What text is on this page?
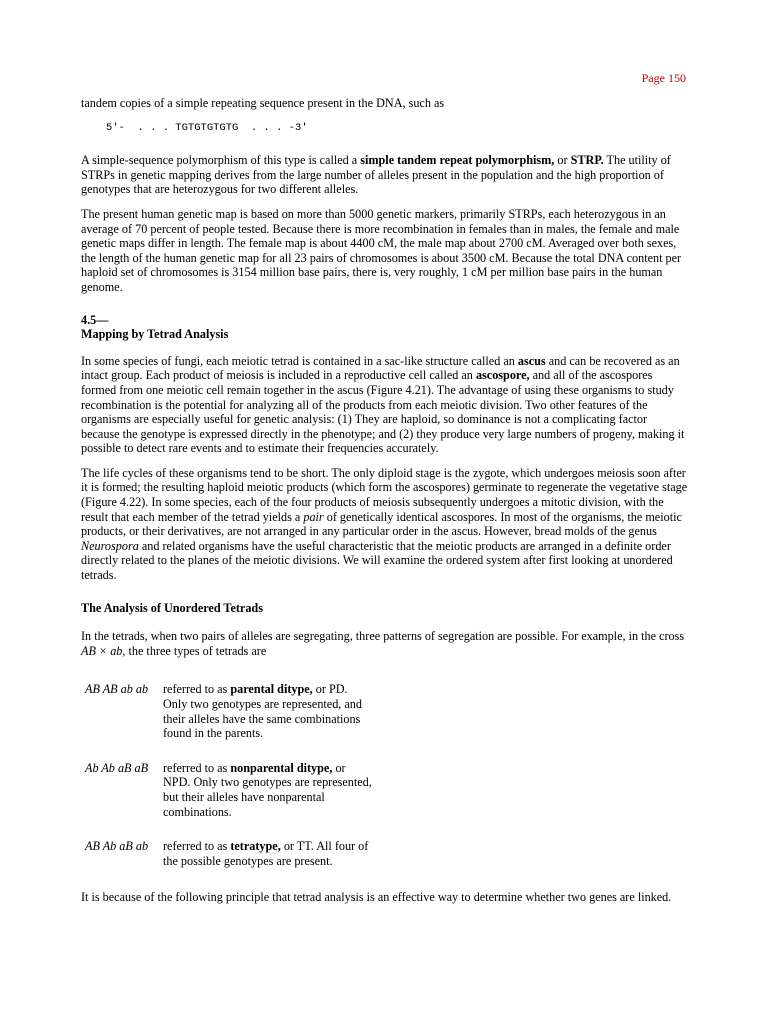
Page 150

tandem copies of a simple repeating sequence present in the DNA, such as

5'-  . . . TGTGTGTGTG  . . . -3'

A simple-sequence polymorphism of this type is called a simple tandem repeat polymorphism, or STRP. The utility of STRPs in genetic mapping derives from the large number of alleles present in the population and the high proportion of genotypes that are heterozygous for two different alleles.

The present human genetic map is based on more than 5000 genetic markers, primarily STRPs, each heterozygous in an average of 70 percent of people tested. Because there is more recombination in females than in males, the female and male genetic maps differ in length. The female map is about 4400 cM, the male map about 2700 cM. Averaged over both sexes, the length of the human genetic map for all 23 pairs of chromosomes is about 3500 cM. Because the total DNA content per haploid set of chromosomes is 3154 million base pairs, there is, very roughly, 1 cM per million base pairs in the human genome.

4.5—
Mapping by Tetrad Analysis

In some species of fungi, each meiotic tetrad is contained in a sac-like structure called an ascus and can be recovered as an intact group. Each product of meiosis is included in a reproductive cell called an ascospore, and all of the ascospores formed from one meiotic cell remain together in the ascus (Figure 4.21). The advantage of using these organisms to study recombination is the potential for analyzing all of the products from each meiotic division. Two other features of the organisms are especially useful for genetic analysis: (1) They are haploid, so dominance is not a complicating factor because the genotype is expressed directly in the phenotype; and (2) they produce very large numbers of progeny, making it possible to detect rare events and to estimate their frequencies accurately.

The life cycles of these organisms tend to be short. The only diploid stage is the zygote, which undergoes meiosis soon after it is formed; the resulting haploid meiotic products (which form the ascospores) germinate to regenerate the vegetative stage (Figure 4.22). In some species, each of the four products of meiosis subsequently undergoes a mitotic division, with the result that each member of the tetrad yields a pair of genetically identical ascospores. In most of the organisms, the meiotic products, or their derivatives, are not arranged in any particular order in the ascus. However, bread molds of the genus Neurospora and related organisms have the useful characteristic that the meiotic products are arranged in a definite order directly related to the planes of the meiotic divisions. We will examine the ordered system after first looking at unordered tetrads.

The Analysis of Unordered Tetrads

In the tetrads, when two pairs of alleles are segregating, three patterns of segregation are possible. For example, in the cross AB × ab, the three types of tetrads are

AB AB ab ab	referred to as parental ditype, or PD. Only two genotypes are represented, and their alleles have the same combinations found in the parents.
Ab Ab aB aB	referred to as nonparental ditype, or NPD. Only two genotypes are represented, but their alleles have nonparental combinations.
AB Ab aB ab	referred to as tetratype, or TT. All four of the possible genotypes are present.

It is because of the following principle that tetrad analysis is an effective way to determine whether two genes are linked.
